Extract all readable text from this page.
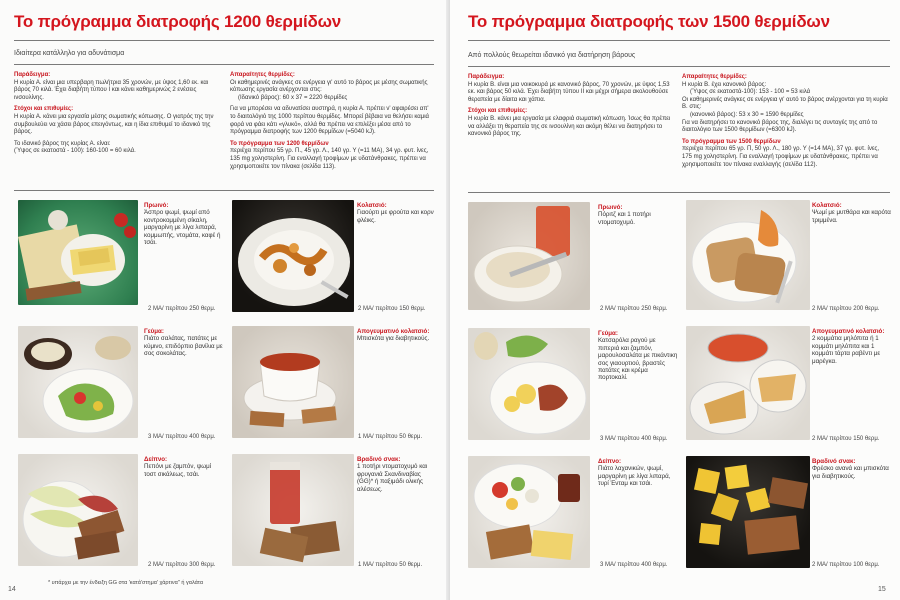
Το πρόγραμμα διατροφής 1200 θερμίδων
Ιδιαίτερα κατάλληλο για αδυνάτισμα

Παράδειγμα:
Η κυρία Α. είναι μια υπερβαρη πωλήτρια 35 χρονών, με ύψος 1,60 εκ. και βάρος 70 κιλά. Έχει διαβήτη τύπου I και κάνει καθημερινώς 2 ενέσεις ινσουλίνης.

Στόχοι και επιθυμίες:
Η κυρία Α. κάνει μια εργασία μέσης σωματικής κόπωσης. Ο γιατρός της την συμβουλεύει να χάσει βάρος επειγόντως, και η ίδια επιθυμεί το ιδανικό της βάρος.

Το ιδανικό βάρος της κυρίας Α. είναι:
(Ύψος σε εκατοστά - 100): 160-100 = 60 κιλά.

Απαραίτητες θερμίδες:
Οι καθημερινές ανάγκες σε ενέργεια γι' αυτό το βάρος με μέσης σωματικής κόπωσης εργασία ανέρχονται στις:
(Ιδανικό βάρος): 60 x 37 = 2220 θερμίδες

Για να μπορέσει να αδυνατίσει αυστηρά, η κυρία Α. πρέπει ν' αφαιρέσει απ' το διαιτολόγιό της 1000 περίπου θερμίδες. Μπορεί βέβαια να θελήσει καμιά φορά να φάει κάτι «γλυκό», αλλά θα πρέπει να επιλέξει μέσα από το πρόγραμμα διατροφής των 1200 θερμίδων (=5040 kJ).

Το πρόγραμμα των 1200 θερμίδων
περιέχει περίπου 55 γρ. Π., 45 γρ. Λ., 140 γρ. Υ (=11 ΜΑ), 34 γρ. φυτ. ίνες, 135 mg χοληστερίνη. Για εναλλαγή τροφίμων με υδατάνθρακες, πρέπει να χρησιμοποιείτε τον πίνακα (σελίδα 113).

Πρωινό:
Άσπρο ψωμί, ψωμί από κοντροκομμένη σίκαλη, μαργαρίνη με λίγα λιπαρά, κομμωπής, ντομάτα, καφέ ή τσάι.
2 ΜΑ/ περίπου 250 θερμ.
Κολατσιό:
Γιαούρτι με φρούτα και κορν φλέικς.
2 ΜΑ/ περίπου 150 θερμ.
Γεύμα:
Πιάτο σαλάτας, πατάτες με κύμινο, επιδόρπιο βανίλια με σος σοκολάτας.
3 ΜΑ/ περίπου 400 θερμ.
Απογευματινό κολατσιό:
Μπισκότα για διαβητικούς.
1 ΜΑ/ περίπου 50 θερμ.
Δείπνο:
Πεπόνι με ζαμπόν, ψωμί τοστ σικάλεως, τσάι.
2 ΜΑ/ περίπου 300 θερμ.
Βραδινό σνακ:
1 ποτήρι ντοματοχυμό και φρυγανιά Σκανδιναβίας (GG)* ή παξιμάδι ολικής αλέσεως.
1 ΜΑ/ περίπου 50 θερμ.
* υπάρχει με την ένδειξη GG στα 'κατά'στημα' χάρτινα'' ή γαλάτα
14
Το πρόγραμμα διατροφής των 1500 θερμίδων
Από πολλούς θεωρείται ιδανικό για διατήρηση βάρους

Παράδειγμα:
Η κυρία Β. είναι μια νοικοκυρά με κανονικό βάρος, 70 χρονών, με ύψος 1,53 εκ. και βάρος 50 κιλά. Έχει διαβήτη τύπου II και μέχρι σήμερα ακολουθούσε θεραπεία με δίαιτα και χάπια.

Στόχοι και επιθυμίες:
Η κυρία Β. κάνει μια εργασία με ελαφριά σωματική κόπωση. Ίσως θα πρέπει να αλλάξει τη θεραπεία της σε ινσουλίνη και ακόμη θέλει να διατηρήσει το κανονικό βάρος της.

Απαραίτητες θερμίδες:
Η κυρία Β. έχει κανονικό βάρος:
(Ύψος σε εκατοστά-100): 153 - 100 = 53 κιλά
Οι καθημερινές ανάγκες σε ενέργεια γι' αυτό το βάρος ανέρχονται για τη κυρία Β. στις:
(κανονικό βάρος): 53 x 30 = 1590 θερμίδες
Για να διατηρήσει το κανονικό βάρος της, διαλέγει τις συνταγές της από το διαιτολόγιο των 1500 θερμίδων (=6300 kJ).

Το πρόγραμμα των 1500 θερμίδων
περιέχει περίπου 65 γρ. Π, 50 γρ. Λ., 180 γρ. Υ (=14 ΜΑ), 37 γρ. φυτ. ίνες, 175 mg χοληστερίνη. Για εναλλαγή τροφίμων με υδατάνθρακες, πρέπει να χρησιμοποιείτε τον πίνακα εναλλαγής (σελίδα 112).

Πρωινό:
Πόριτζ και 1 ποτήρι ντοματοχυμό.
2 ΜΑ/ περίπου 250 θερμ.
Κολατσιό:
Ψωμί με μυτθάρα και καρότα τριμμένα.
2 ΜΑ/ περίπου 200 θερμ.
Γεύμα:
Κατσαρόλα ραγού με πιπεριά και ζαμπόν, μαρουλοσαλάτα με πικάντικη σος γιαουρτιού, βραστές πατάτες και κρέμα πορτοκαλί.
3 ΜΑ/ περίπου 400 θερμ.
Απογευματινό κολατσιό:
2 κομμάτια μηλόπιτα ή 1 κομμάτι μηλόπιτα και 1 κομμάτι τάρτα ραβέντι με μαρέγκα.
2 ΜΑ/ περίπου 150 θερμ.
Δείπνο:
Πιάτο λαχανικών, ψωμί, μαργαρίνη με λίγα λιπαρά, τυρί Ένταμ και τσάι.
3 ΜΑ/ περίπου 400 θερμ.
Βραδινό σνακ:
Φρέσκο ανανά και μπισκότα για διαβητικούς.
2 ΜΑ/ περίπου 100 θερμ.
15
